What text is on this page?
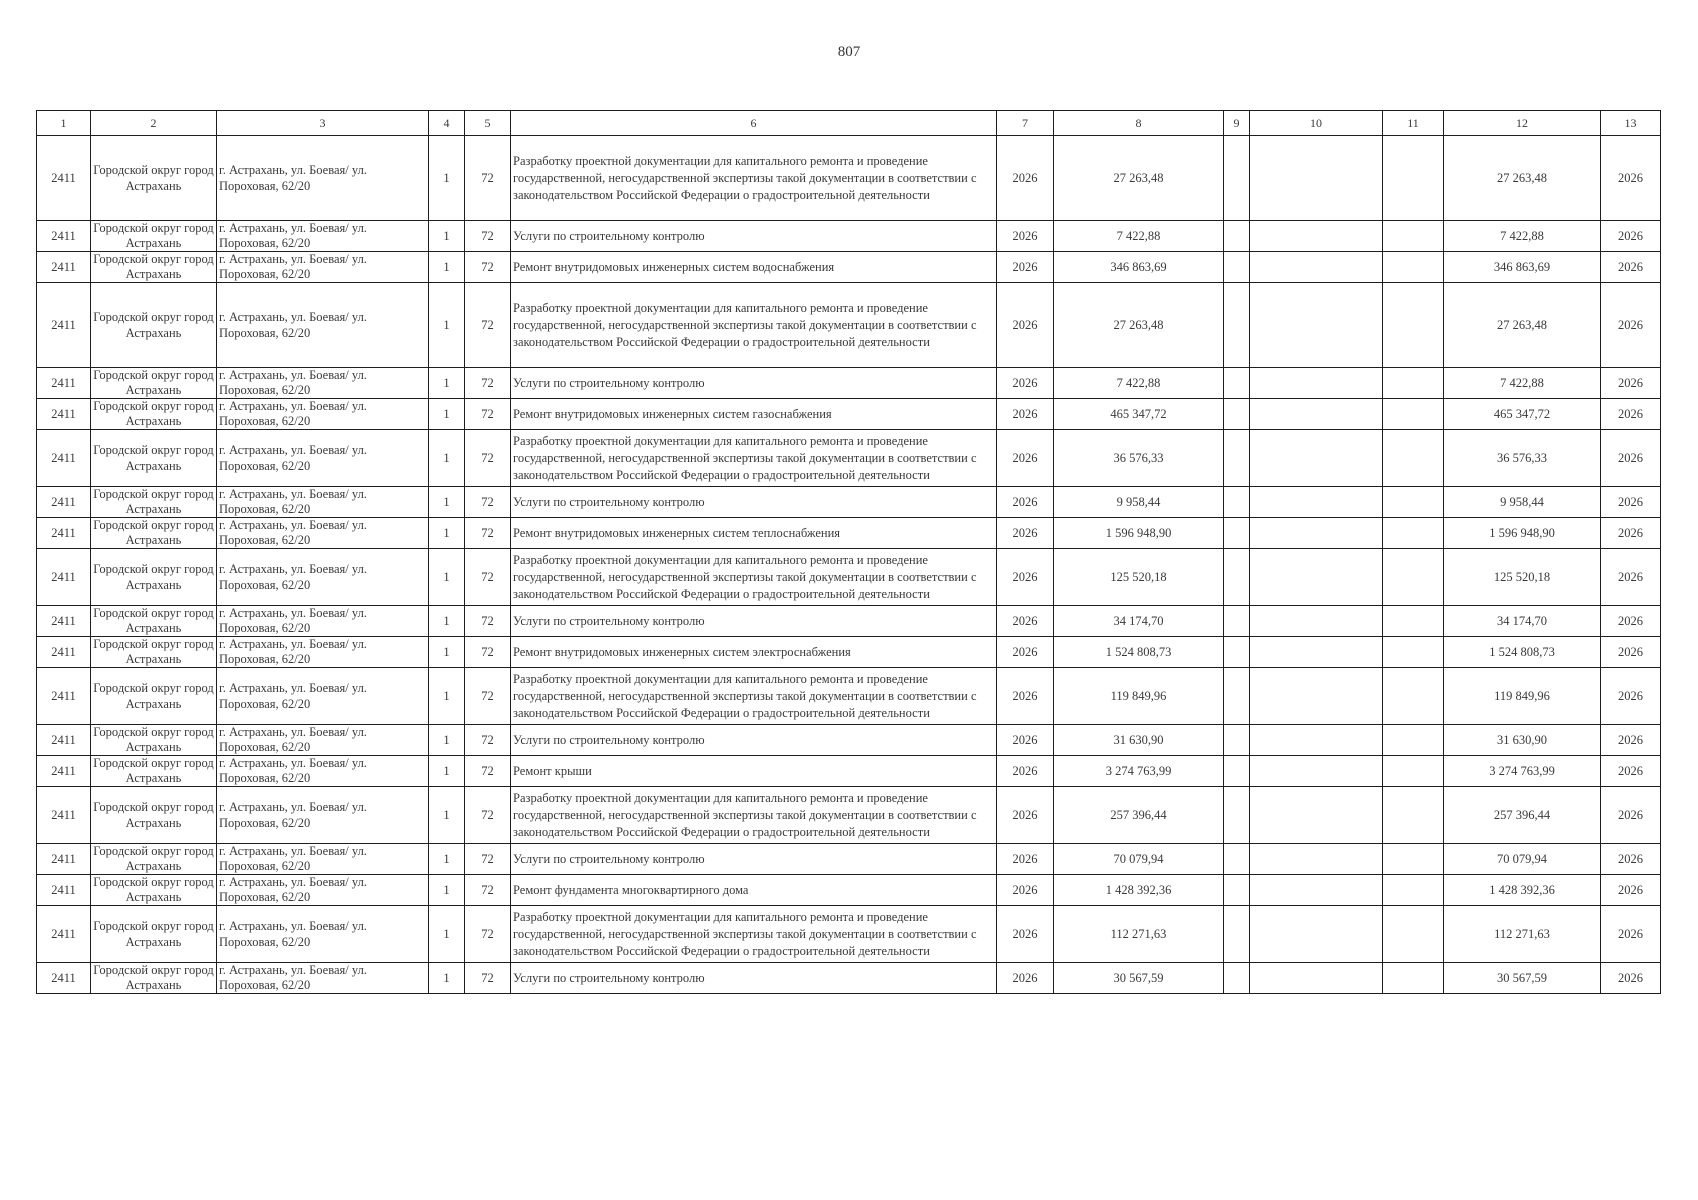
807
1	2	3	4	5	6	7	8	9	10	11	12	13
2411	Городской округ город Астрахань	г. Астрахань, ул. Боевая/ ул. Пороховая, 62/20	1	72	Разработку проектной документации для капитального ремонта и проведение государственной, негосударственной экспертизы такой документации в соответствии с законодательством Российской Федерации о градостроительной деятельности	2026	27 263,48				27 263,48	2026
2411	Городской округ город Астрахань	г. Астрахань, ул. Боевая/ ул. Пороховая, 62/20	1	72	Услуги по строительному контролю	2026	7 422,88				7 422,88	2026
2411	Городской округ город Астрахань	г. Астрахань, ул. Боевая/ ул. Пороховая, 62/20	1	72	Ремонт внутридомовых инженерных систем водоснабжения	2026	346 863,69				346 863,69	2026
2411	Городской округ город Астрахань	г. Астрахань, ул. Боевая/ ул. Пороховая, 62/20	1	72	Разработку проектной документации для капитального ремонта и проведение государственной, негосударственной экспертизы такой документации в соответствии с законодательством Российской Федерации о градостроительной деятельности	2026	27 263,48				27 263,48	2026
2411	Городской округ город Астрахань	г. Астрахань, ул. Боевая/ ул. Пороховая, 62/20	1	72	Услуги по строительному контролю	2026	7 422,88				7 422,88	2026
2411	Городской округ город Астрахань	г. Астрахань, ул. Боевая/ ул. Пороховая, 62/20	1	72	Ремонт внутридомовых инженерных систем газоснабжения	2026	465 347,72				465 347,72	2026
2411	Городской округ город Астрахань	г. Астрахань, ул. Боевая/ ул. Пороховая, 62/20	1	72	Разработку проектной документации для капитального ремонта и проведение государственной, негосударственной экспертизы такой документации в соответствии с законодательством Российской Федерации о градостроительной деятельности	2026	36 576,33				36 576,33	2026
2411	Городской округ город Астрахань	г. Астрахань, ул. Боевая/ ул. Пороховая, 62/20	1	72	Услуги по строительному контролю	2026	9 958,44				9 958,44	2026
2411	Городской округ город Астрахань	г. Астрахань, ул. Боевая/ ул. Пороховая, 62/20	1	72	Ремонт внутридомовых инженерных систем теплоснабжения	2026	1 596 948,90				1 596 948,90	2026
2411	Городской округ город Астрахань	г. Астрахань, ул. Боевая/ ул. Пороховая, 62/20	1	72	Разработку проектной документации для капитального ремонта и проведение государственной, негосударственной экспертизы такой документации в соответствии с законодательством Российской Федерации о градостроительной деятельности	2026	125 520,18				125 520,18	2026
2411	Городской округ город Астрахань	г. Астрахань, ул. Боевая/ ул. Пороховая, 62/20	1	72	Услуги по строительному контролю	2026	34 174,70				34 174,70	2026
2411	Городской округ город Астрахань	г. Астрахань, ул. Боевая/ ул. Пороховая, 62/20	1	72	Ремонт внутридомовых инженерных систем электроснабжения	2026	1 524 808,73				1 524 808,73	2026
2411	Городской округ город Астрахань	г. Астрахань, ул. Боевая/ ул. Пороховая, 62/20	1	72	Разработку проектной документации для капитального ремонта и проведение государственной, негосударственной экспертизы такой документации в соответствии с законодательством Российской Федерации о градостроительной деятельности	2026	119 849,96				119 849,96	2026
2411	Городской округ город Астрахань	г. Астрахань, ул. Боевая/ ул. Пороховая, 62/20	1	72	Услуги по строительному контролю	2026	31 630,90				31 630,90	2026
2411	Городской округ город Астрахань	г. Астрахань, ул. Боевая/ ул. Пороховая, 62/20	1	72	Ремонт крыши	2026	3 274 763,99				3 274 763,99	2026
2411	Городской округ город Астрахань	г. Астрахань, ул. Боевая/ ул. Пороховая, 62/20	1	72	Разработку проектной документации для капитального ремонта и проведение государственной, негосударственной экспертизы такой документации в соответствии с законодательством Российской Федерации о градостроительной деятельности	2026	257 396,44				257 396,44	2026
2411	Городской округ город Астрахань	г. Астрахань, ул. Боевая/ ул. Пороховая, 62/20	1	72	Услуги по строительному контролю	2026	70 079,94				70 079,94	2026
2411	Городской округ город Астрахань	г. Астрахань, ул. Боевая/ ул. Пороховая, 62/20	1	72	Ремонт фундамента многоквартирного дома	2026	1 428 392,36				1 428 392,36	2026
2411	Городской округ город Астрахань	г. Астрахань, ул. Боевая/ ул. Пороховая, 62/20	1	72	Разработку проектной документации для капитального ремонта и проведение государственной, негосударственной экспертизы такой документации в соответствии с законодательством Российской Федерации о градостроительной деятельности	2026	112 271,63				112 271,63	2026
2411	Городской округ город Астрахань	г. Астрахань, ул. Боевая/ ул. Пороховая, 62/20	1	72	Услуги по строительному контролю	2026	30 567,59				30 567,59	2026
